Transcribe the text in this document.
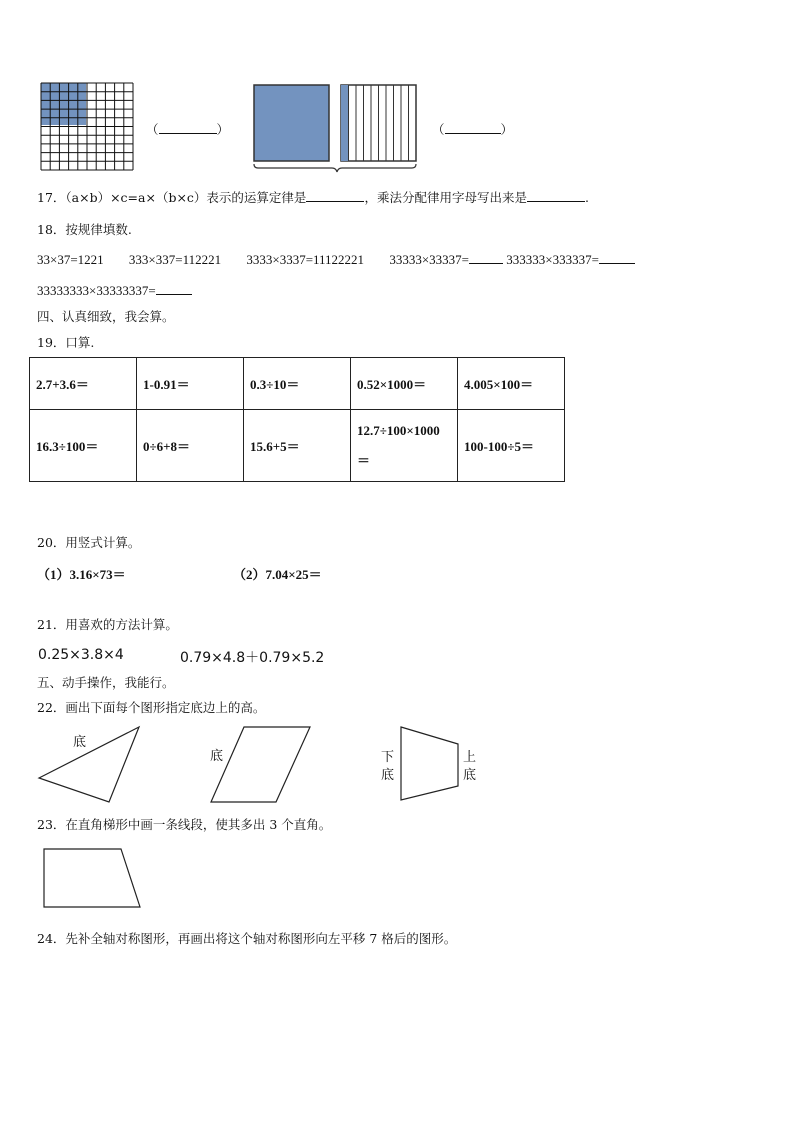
（	）	（	）
17．（a×b）×c=a×（b×c）表示的运算定律是	，乘法分配律用字母写出来是	.
18．按规律填数.
33×37=1221 333×337=112221 3333×3337=11122221 33333×33337=	333333×333337=
33333333×33333337=
四、认真细致，我会算。
19．口算.
2.7+3.6＝	1-0.91＝	0.3÷10＝	0.52×1000＝	4.005×100＝
16.3÷100＝	0÷6+8＝	15.6+5＝	12.7÷100×1000
＝	100-100÷5＝
20．用竖式计算。
（1）3.16×73＝	（2）7.04×25＝
21．用喜欢的方法计算。
0.25×3.8×4	0.79×4.8＋0.79×5.2
五、动手操作，我能行。
22．画出下面每个图形指定底边上的高。
底
底	下
底
上
底
23．在直角梯形中画一条线段，使其多出 3 个直角。
24．先补全轴对称图形，再画出将这个轴对称图形向左平移 7 格后的图形。
